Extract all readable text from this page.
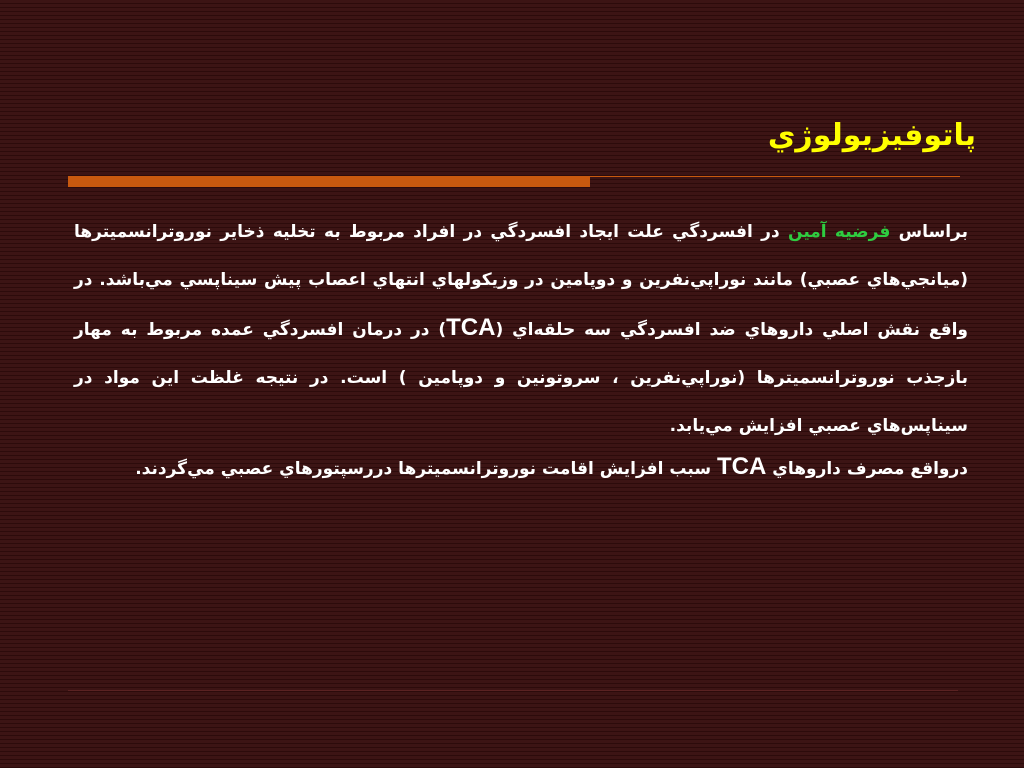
پاتوفيزيولوژي

براساس فرضيه آمين در افسردگي علت ايجاد افسردگي در افراد مربوط به تخليه ذخاير نوروترانسميترها (ميانجي‌هاي عصبي) مانند نوراپي‌نفرين و دوپامين در وزيكولهاي انتهاي اعصاب پيش سيناپسي مي‌باشد. در واقع نقش اصلي داروهاي ضد افسردگي سه حلقه‌اي (TCA) در درمان افسردگي عمده مربوط به مهار بازجذب نوروترانسميترها (نوراپي‌نفرين ، سروتونين و دوپامين ) است. در نتيجه غلظت اين مواد در سيناپس‌هاي عصبي افزايش مي‌يابد.

درواقع مصرف داروهاي TCA سبب افزايش اقامت نوروترانسميترها دررسپتورهاي عصبي مي‌گردند.
